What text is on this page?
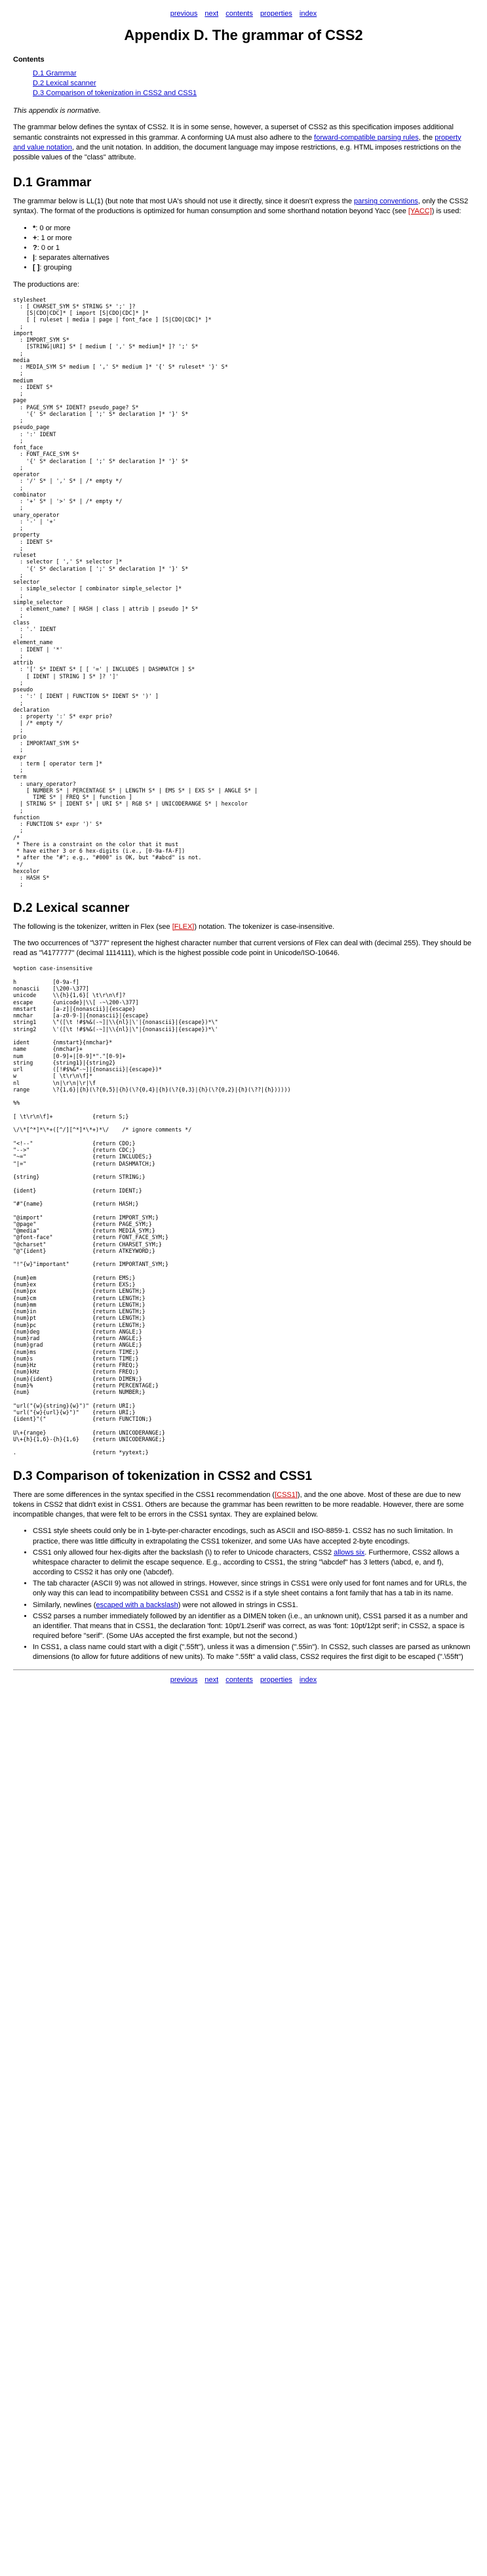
previous next contents properties index
Appendix D. The grammar of CSS2
Contents
D.1 Grammar
D.2 Lexical scanner
D.3 Comparison of tokenization in CSS2 and CSS1

This appendix is normative.

The grammar below defines the syntax of CSS2. It is in some sense, however, a superset of CSS2 as this specification imposes additional semantic constraints not expressed in this grammar. A conforming UA must also adhere to the forward-compatible parsing rules, the property and value notation, and the unit notation. In addition, the document language may impose restrictions, e.g. HTML imposes restrictions on the possible values of the "class" attribute.

D.1 Grammar

The grammar below is LL(1) (but note that most UA's should not use it directly, since it doesn't express the parsing conventions, only the CSS2 syntax). The format of the productions is optimized for human consumption and some shorthand notation beyond Yacc (see [YACC]) is used:

• *: 0 or more
• +: 1 or more
• ?: 0 or 1
• |: separates alternatives
• [ ]: grouping

The productions are:

stylesheet
: [ CHARSET_SYM S* STRING S* ';' ]?
[S|CDO|CDC]* [ import [S|CDO|CDC]* ]*
[ [ ruleset | media | page | font_face ] [S|CDO|CDC]* ]*
;
import
: IMPORT_SYM S*
[STRING|URI] S* [ medium [ ',' S* medium]* ]? ';' S*
;
media
: MEDIA_SYM S* medium [ ',' S* medium ]* '{' S* ruleset* '}' S*
;
medium
: IDENT S*
;
page
: PAGE_SYM S* IDENT? pseudo_page? S*
'{' S* declaration [ ';' S* declaration ]* '}' S*
;
pseudo_page
: ':' IDENT
;
font_face
: FONT_FACE_SYM S*
'{' S* declaration [ ';' S* declaration ]* '}' S*
;
operator
: '/' S* | ',' S* | /* empty */
;
combinator
: '+' S* | '>' S* | /* empty */
;
unary_operator
: '-' | '+'
;
property
: IDENT S*
;
ruleset
: selector [ ',' S* selector ]*
'{' S* declaration [ ';' S* declaration ]* '}' S*
;
selector
: simple_selector [ combinator simple_selector ]*
;
simple_selector
: element_name? [ HASH | class | attrib | pseudo ]* S*
;
class
: '.' IDENT
;
element_name
: IDENT | '*'
;
attrib
: '[' S* IDENT S* [ [ '=' | INCLUDES | DASHMATCH ] S*
[ IDENT | STRING ] S* ]? ']'
;
pseudo
: ':' [ IDENT | FUNCTION S* IDENT S* ')' ]
;
declaration
: property ':' S* expr prio?
| /* empty */
;
prio
: IMPORTANT_SYM S*
;
expr
: term [ operator term ]*
;
term
: unary_operator?
[ NUMBER S* | PERCENTAGE S* | LENGTH S* | EMS S* | EXS S* | ANGLE S* |
TIME S* | FREQ S* | function ]
| STRING S* | IDENT S* | URI S* | RGB S* | UNICODERANGE S* | hexcolor
;
function
: FUNCTION S* expr ')' S*
;
/*
* There is a constraint on the color that it must
* have either 3 or 6 hex-digits (i.e., [0-9a-fA-F])
* after the "#"; e.g., "#000" is OK, but "#abcd" is not.
*/
hexcolor
: HASH S*
;
D.2 Lexical scanner

The following is the tokenizer, written in Flex (see [FLEX]) notation. The tokenizer is case-insensitive.

The two occurrences of "\377" represent the highest character number that current versions of Flex can deal with (decimal 255). They should be read as "\4177777" (decimal 1114111), which is the highest possible code point in Unicode/ISO-10646.

%option case-insensitive

h           [0-9a-f]
nonascii    [\200-\377]
unicode     \\{h}{1,6}[ \t\r\n\f]?
escape      {unicode}|\\[ -~\200-\377]
nmstart     [a-z]|{nonascii}|{escape}
nmchar      [a-z0-9-]|{nonascii}|{escape}
string1     \"([\t !#$%&(-~]|\\{nl}|\'|{nonascii}|{escape})*\"
string2     \'([\t !#$%&(-~]|\\{nl}|\"|{nonascii}|{escape})*\'

ident       {nmstart}{nmchar}*
name        {nmchar}+
num         [0-9]+|[0-9]*"."[0-9]+
string      {string1}|{string2}
url         ([!#$%&*-~]|{nonascii}|{escape})*
w           [ \t\r\n\f]*
nl          \n|\r\n|\r|\f
range       \?{1,6}|{h}(\?{0,5}|{h}(\?{0,4}|{h}(\?{0,3}|{h}(\?{0,2}|{h}(\??|{h})))))

%%

[ \t\r\n\f]+            {return S;}

\/\*[^*]*\*+([^/][^*]*\*+)*\/    /* ignore comments */

"<!--"                  {return CDO;}
"-->"                   {return CDC;}
"~="                    {return INCLUDES;}
"|="                    {return DASHMATCH;}

{string}                {return STRING;}

{ident}                 {return IDENT;}

"#"{name}               {return HASH;}

"@import"               {return IMPORT_SYM;}
"@page"                 {return PAGE_SYM;}
"@media"                {return MEDIA_SYM;}
"@font-face"            {return FONT_FACE_SYM;}
"@charset"              {return CHARSET_SYM;}
"@"{ident}              {return ATKEYWORD;}

"!"{w}"important"       {return IMPORTANT_SYM;}

{num}em                 {return EMS;}
{num}ex                 {return EXS;}
{num}px                 {return LENGTH;}
{num}cm                 {return LENGTH;}
{num}mm                 {return LENGTH;}
{num}in                 {return LENGTH;}
{num}pt                 {return LENGTH;}
{num}pc                 {return LENGTH;}
{num}deg                {return ANGLE;}
{num}rad                {return ANGLE;}
{num}grad               {return ANGLE;}
{num}ms                 {return TIME;}
{num}s                  {return TIME;}
{num}Hz                 {return FREQ;}
{num}kHz                {return FREQ;}
{num}{ident}            {return DIMEN;}
{num}%                  {return PERCENTAGE;}
{num}                   {return NUMBER;}

"url("{w}{string}{w}")" {return URI;}
"url("{w}{url}{w}")"    {return URI;}
{ident}"("              {return FUNCTION;}

U\+{range}              {return UNICODERANGE;}
U\+{h}{1,6}-{h}{1,6}    {return UNICODERANGE;}

.                       {return *yytext;}
D.3 Comparison of tokenization in CSS2 and CSS1

There are some differences in the syntax specified in the CSS1 recommendation ([CSS1]), and the one above. Most of these are due to new tokens in CSS2 that didn't exist in CSS1. Others are because the grammar has been rewritten to be more readable. However, there are some incompatible changes, that were felt to be errors in the CSS1 syntax. They are explained below.

• CSS1 style sheets could only be in 1-byte-per-character encodings, such as ASCII and ISO-8859-1. CSS2 has no such limitation. In practice, there was little difficulty in extrapolating the CSS1 tokenizer, and some UAs have accepted 2-byte encodings.
• CSS1 only allowed four hex-digits after the backslash (\) to refer to Unicode characters, CSS2 allows six. Furthermore, CSS2 allows a whitespace character to delimit the escape sequence. E.g., according to CSS1, the string "\abcdef" has 3 letters (\abcd, e, and f), according to CSS2 it has only one (\abcdef).
• The tab character (ASCII 9) was not allowed in strings. However, since strings in CSS1 were only used for font names and for URLs, the only way this can lead to incompatibility between CSS1 and CSS2 is if a style sheet contains a font family that has a tab in its name.
• Similarly, newlines (escaped with a backslash) were not allowed in strings in CSS1.
• CSS2 parses a number immediately followed by an identifier as a DIMEN token (i.e., an unknown unit), CSS1 parsed it as a number and an identifier. That means that in CSS1, the declaration 'font: 10pt/1.2serif' was correct, as was 'font: 10pt/12pt serif'; in CSS2, a space is required before "serif". (Some UAs accepted the first example, but not the second.)
• In CSS1, a class name could start with a digit (".55ft"), unless it was a dimension (".55in"). In CSS2, such classes are parsed as unknown dimensions (to allow for future additions of new units). To make ".55ft" a valid class, CSS2 requires the first digit to be escaped (".\55ft")
previous next contents properties index
